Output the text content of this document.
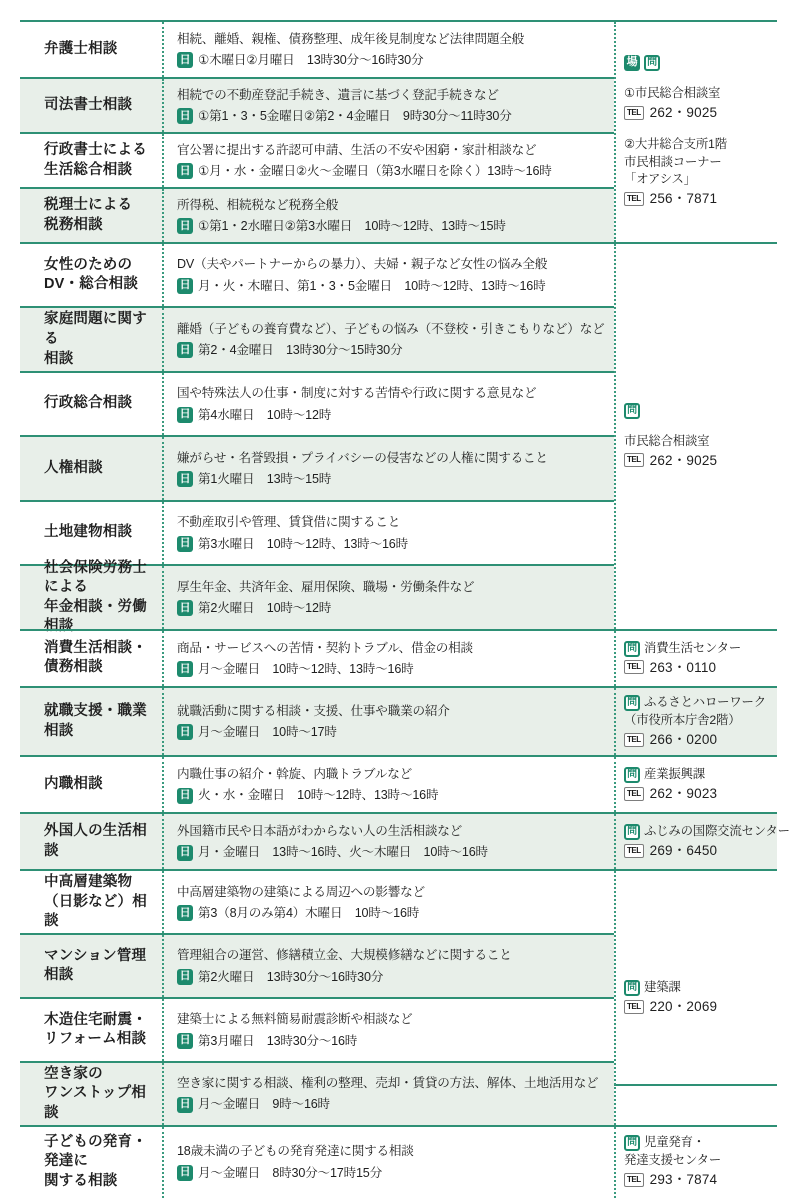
弁護士相談
相続、離婚、親権、債務整理、成年後見制度など法律問題全般
日 ①木曜日②月曜日　13時30分～16時30分
司法書士相談
相続での不動産登記手続き、遺言に基づく登記手続きなど
日 ①第1・3・5金曜日②第2・4金曜日　9時30分～11時30分
行政書士による
生活総合相談
官公署に提出する許認可申請、生活の不安や困窮・家計相談など
日 ①月・水・金曜日②火～金曜日（第3水曜日を除く）13時～16時
税理士による
税務相談
所得税、相続税など税務全般
日 ①第1・2水曜日②第3水曜日　10時～12時、13時～15時
場 問
①市民総合相談室
TEL 262・9025
②大井総合支所1階
市民相談コーナー
「オアシス」
TEL 256・7871
女性のための
DV・総合相談
DV（夫やパートナーからの暴力）、夫婦・親子など女性の悩み全般
日 月・火・木曜日、第1・3・5金曜日　10時～12時、13時～16時
家庭問題に関する
相談
離婚（子どもの養育費など）、子どもの悩み（不登校・引きこもりなど）など
日 第2・4金曜日　13時30分～15時30分
行政総合相談
国や特殊法人の仕事・制度に対する苦情や行政に関する意見など
日 第4水曜日　10時～12時
人権相談
嫌がらせ・名誉毀損・プライバシーの侵害などの人権に関すること
日 第1火曜日　13時～15時
土地建物相談
不動産取引や管理、賃貸借に関すること
日 第3水曜日　10時～12時、13時～16時
社会保険労務士による
年金相談・労働相談
厚生年金、共済年金、雇用保険、職場・労働条件など
日 第2火曜日　10時～12時
問
市民総合相談室
TEL 262・9025
消費生活相談・
債務相談
商品・サービスへの苦情・契約トラブル、借金の相談
日 月～金曜日　10時～12時、13時～16時
問 消費生活センター
TEL 263・0110
就職支援・職業相談
就職活動に関する相談・支援、仕事や職業の紹介
日 月～金曜日　10時～17時
問 ふるさとハローワーク
（市役所本庁舎2階）
TEL 266・0200
内職相談
内職仕事の紹介・斡旋、内職トラブルなど
日 火・水・金曜日　10時～12時、13時～16時
問 産業振興課
TEL 262・9023
外国人の生活相談
外国籍市民や日本語がわからない人の生活相談など
日 月・金曜日　13時～16時、火～木曜日　10時～16時
問 ふじみの国際交流センター
TEL 269・6450
中高層建築物
（日影など）相談
中高層建築物の建築による周辺への影響など
日 第3（8月のみ第4）木曜日　10時～16時
マンション管理相談
管理組合の運営、修繕積立金、大規模修繕などに関すること
日 第2火曜日　13時30分～16時30分
木造住宅耐震・
リフォーム相談
建築士による無料簡易耐震診断や相談など
日 第3月曜日　13時30分～16時
空き家の
ワンストップ相談
空き家に関する相談、権利の整理、売却・賃貸の方法、解体、土地活用など
日 月～金曜日　9時～16時
問 建築課
TEL 220・2069
子どもの発育・発達に
関する相談
18歳未満の子どもの発育発達に関する相談
日 月～金曜日　8時30分～17時15分
問 児童発育・
発達支援センター
TEL 293・7874
